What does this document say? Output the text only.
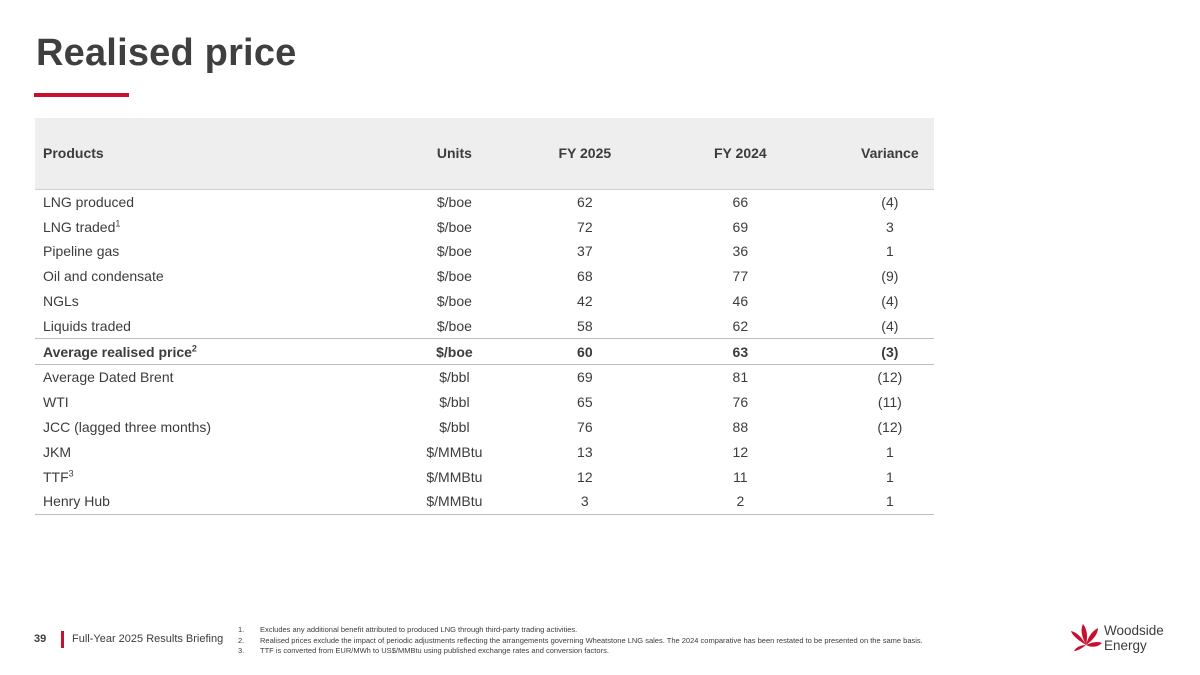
Realised price
Products	Units	FY 2025	FY 2024	Variance
LNG produced	$/boe	62	66	(4)
LNG traded$^1$	$/boe	72	69	3
Pipeline gas	$/boe	37	36	1
Oil and condensate	$/boe	68	77	(9)
NGLs	$/boe	42	46	(4)
Liquids traded	$/boe	58	62	(4)
Average realised price$^2$	$/boe	60	63	(3)
Average Dated Brent	$/bbl	69	81	(12)
WTI	$/bbl	65	76	(11)
JCC (lagged three months)	$/bbl	76	88	(12)
JKM	$/MMBtu	13	12	1
TTF$^3$	$/MMBtu	12	11	1
Henry Hub	$/MMBtu	3	2	1
39 Full-Year 2025 Results Briefing
1.	Excludes any additional benefit attributed to produced LNG through third-party trading activities.
2.	Realised prices exclude the impact of periodic adjustments reflecting the arrangements governing Wheatstone LNG sales. The 2024 comparative has been restated to be presented on the same basis.
3.	TTF is converted from EUR/MWh to US$/MMBtu using published exchange rates and conversion factors.
Woodside
Energy
